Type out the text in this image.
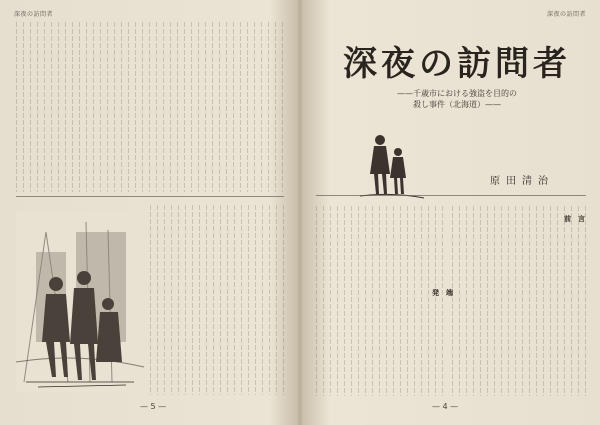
深夜の訪問者
— 5 —
深夜の訪問者
深夜の訪問者
——千歳市における強盗を目的の
殺し事件（北海道）——
原田清治
前　言
発　端
— 4 —
